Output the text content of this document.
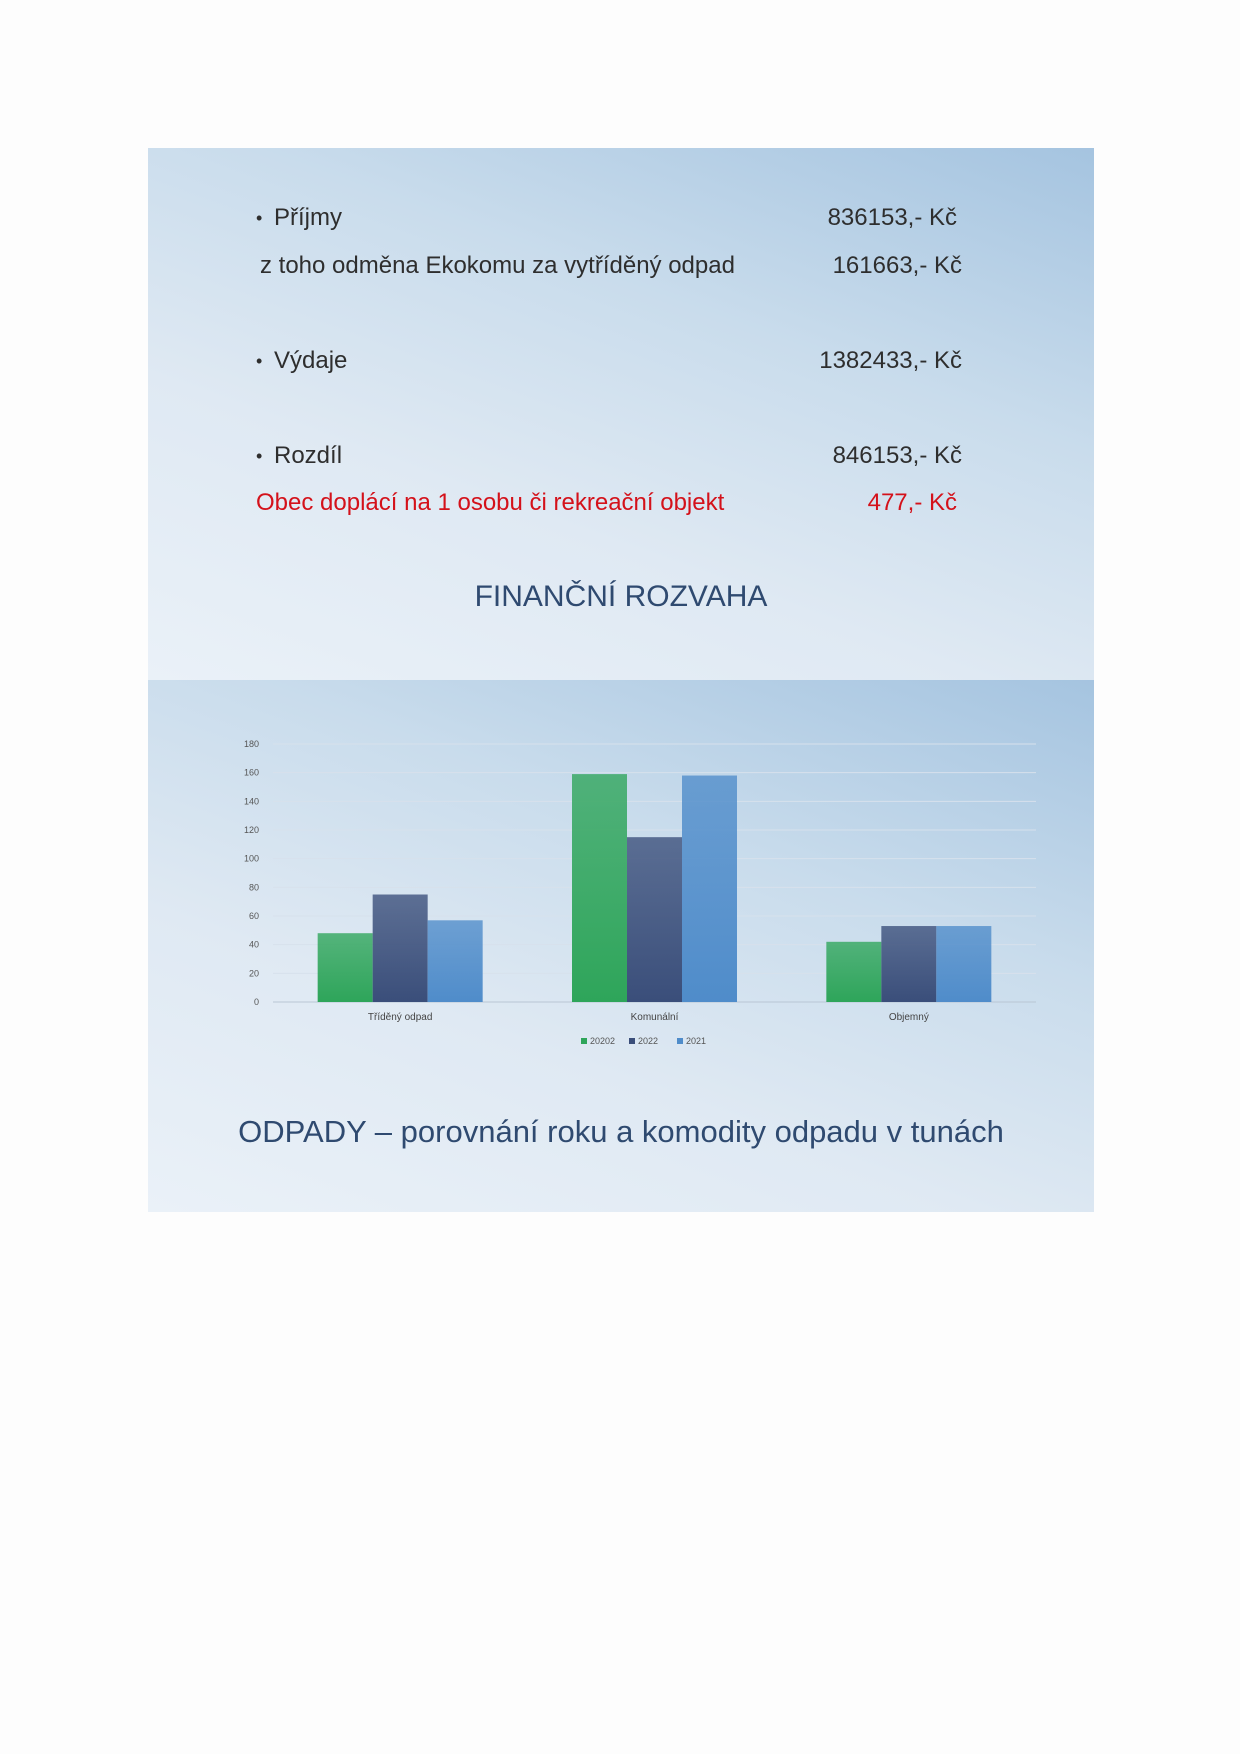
• Příjmy	836153,- Kč
z toho odměna Ekokomu za vytříděný odpad	161663,- Kč
• Výdaje	1382433,- Kč
• Rozdíl	846153,- Kč
Obec doplácí na 1 osobu či rekreační objekt	477,- Kč
FINANČNÍ ROZVAHA
0
20
40
60
80
100
120
140
160
180
Tříděný odpad	Komunální	Objemný
20202	2022	2021
ODPADY – porovnání roku a komodity odpadu v tunách
